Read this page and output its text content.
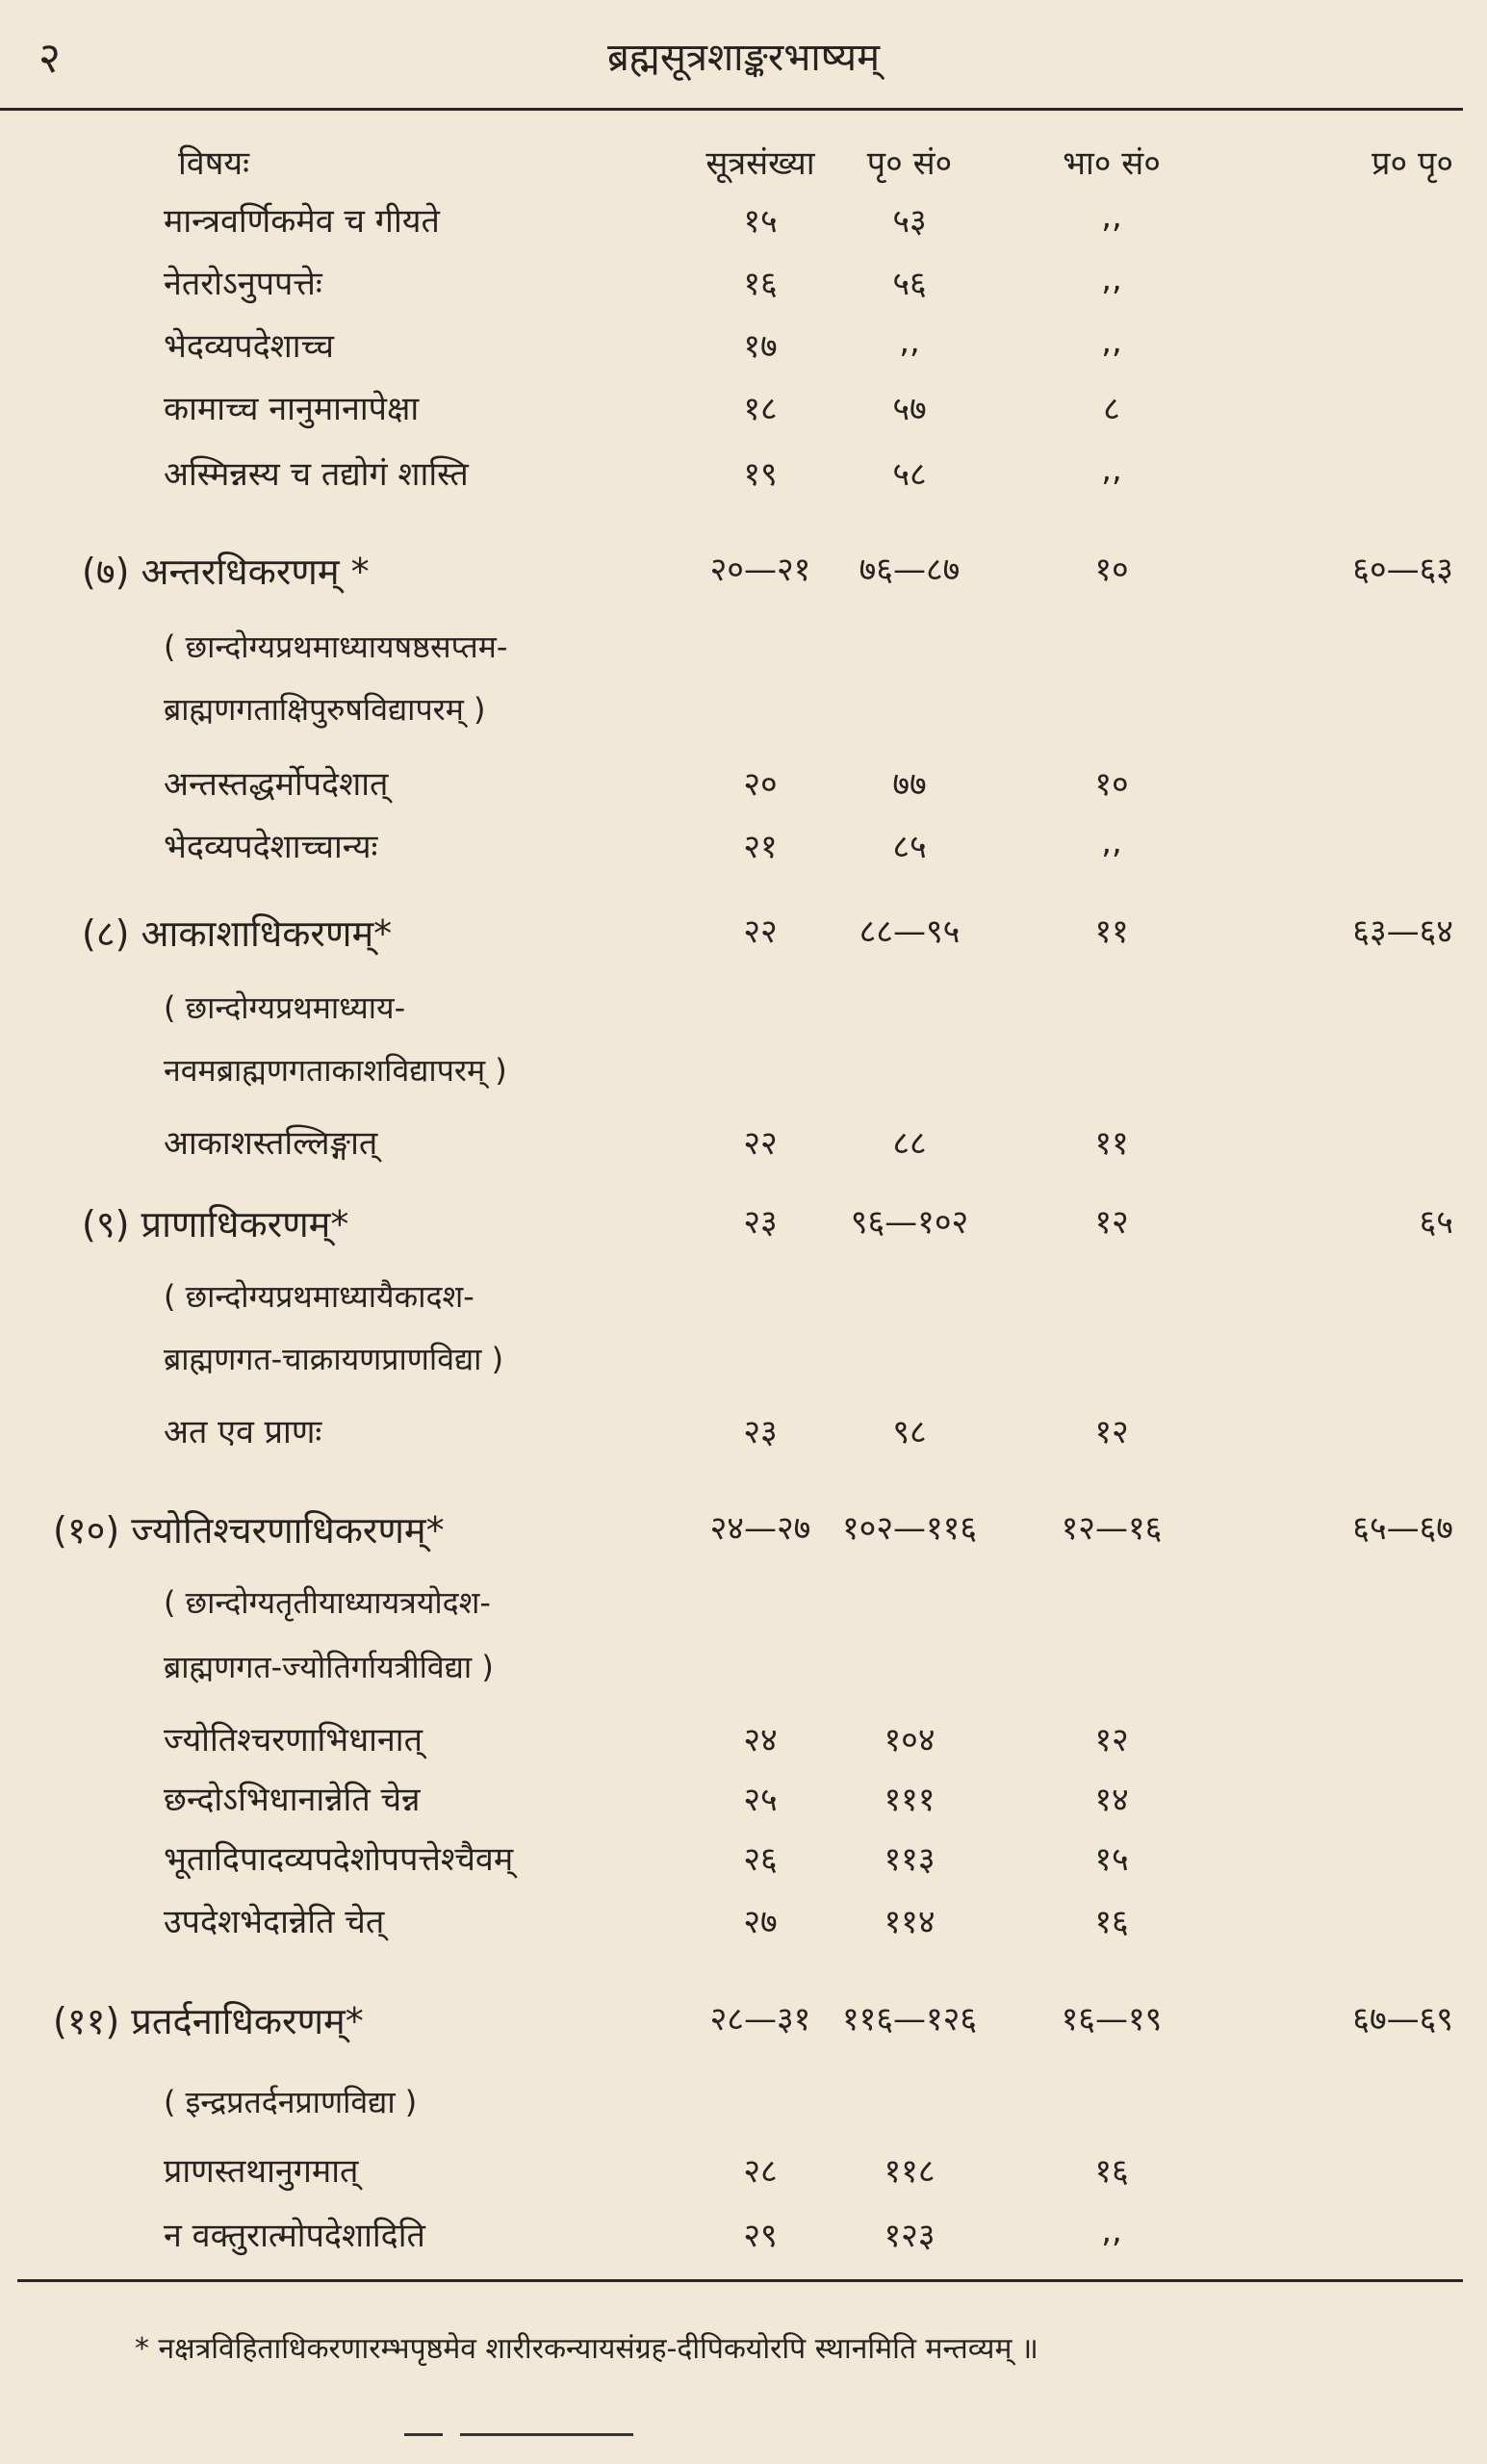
२	ब्रह्मसूत्रशाङ्करभाष्यम्
विषयः	सूत्रसंख्या	पृ० सं०	भा० सं०	प्र० पृ०
मान्त्रवर्णिकमेव च गीयते	१५	५३	,,
नेतरोऽनुपपत्तेः	१६	५६	,,
भेदव्यपदेशाच्च	१७	,,	,,
कामाच्च नानुमानापेक्षा	१८	५७	८
अस्मिन्नस्य च तद्योगं शास्ति	१९	५८	,,
(७) अन्तरधिकरणम् *	२०—२१	७६—८७	१०	६०—६३
( छान्दोग्यप्रथमाध्यायषष्ठसप्तम-
ब्राह्मणगताक्षिपुरुषविद्यापरम् )
अन्तस्तद्धर्मोपदेशात्	२०	७७	१०
भेदव्यपदेशाच्चान्यः	२१	८५	,,
(८) आकाशाधिकरणम्*	२२	८८—९५	११	६३—६४
( छान्दोग्यप्रथमाध्याय-
नवमब्राह्मणगताकाशविद्यापरम् )
आकाशस्तल्लिङ्गात्	२२	८८	११
(९) प्राणाधिकरणम्*	२३	९६—१०२	१२	६५
( छान्दोग्यप्रथमाध्यायैकादश-
ब्राह्मणगत-चाक्रायणप्राणविद्या )
अत एव प्राणः	२३	९८	१२
(१०) ज्योतिश्चरणाधिकरणम्*	२४—२७ १०२—११६	१२—१६	६५—६७
( छान्दोग्यतृतीयाध्यायत्रयोदश-
ब्राह्मणगत-ज्योतिर्गायत्रीविद्या )
ज्योतिश्चरणाभिधानात्	२४	१०४	१२
छन्दोऽभिधानान्नेति चेन्न	२५	१११	१४
भूतादिपादव्यपदेशोपपत्तेश्चैवम्	२६	११३	१५
उपदेशभेदान्नेति चेत्	२७	११४	१६
(११) प्रतर्दनाधिकरणम्*	२८—३१ ११६—१२६	१६—१९	६७—६९
( इन्द्रप्रतर्दनप्राणविद्या )
प्राणस्तथानुगमात्	२८	११८	१६
न वक्तुरात्मोपदेशादिति	२९	१२३	,,
* नक्षत्रविहिताधिकरणारम्भपृष्ठमेव शारीरकन्यायसंग्रह-दीपिकयोरपि स्थानमिति मन्तव्यम् ॥
